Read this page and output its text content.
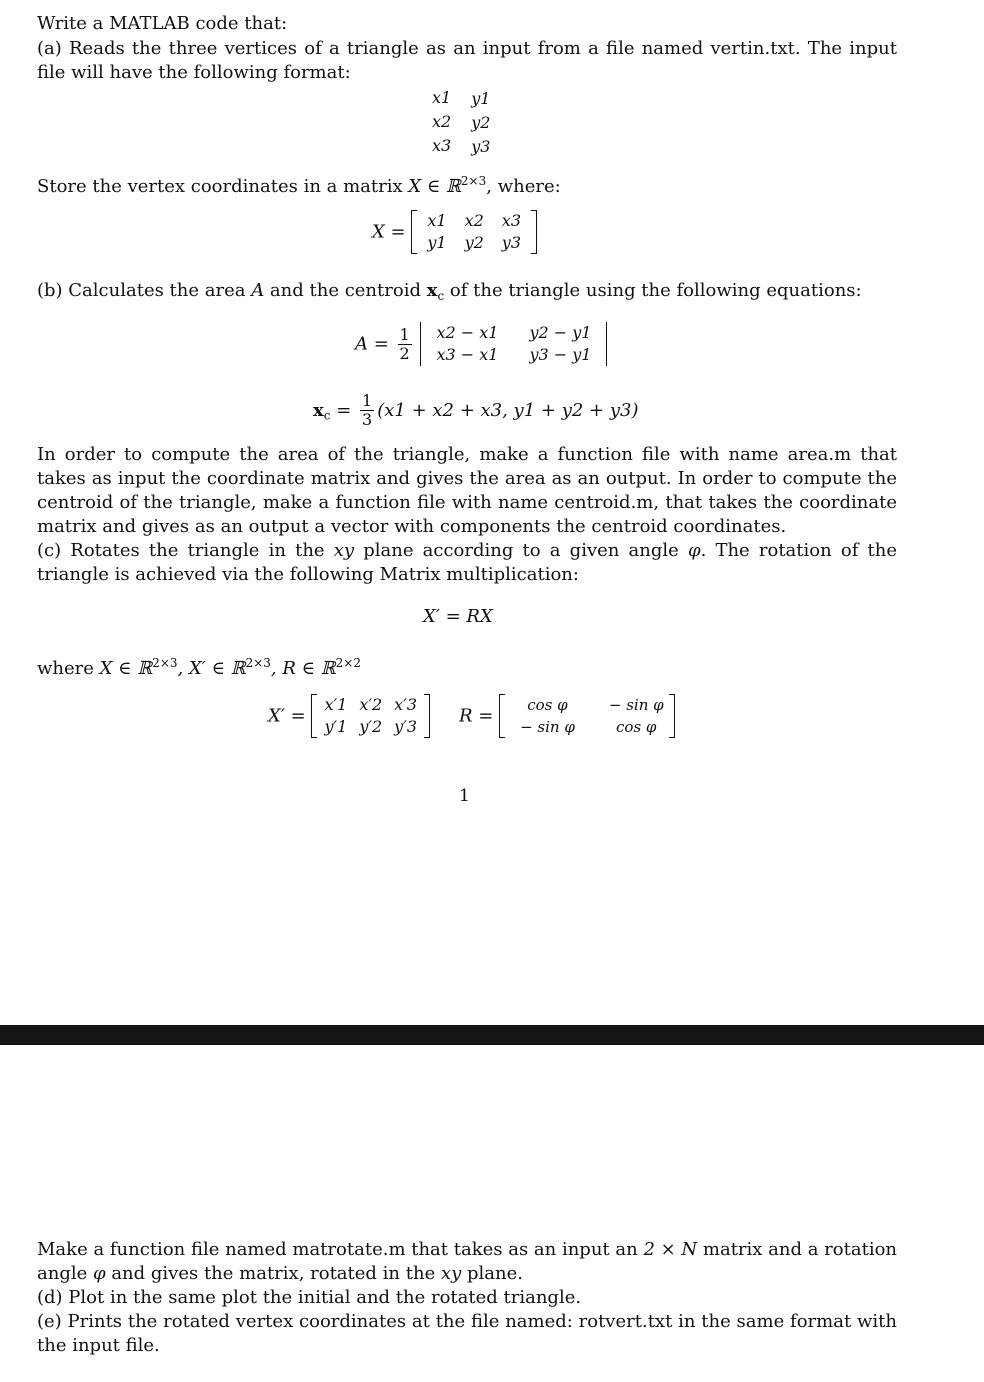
Write a MATLAB code that:
(a) Reads the three vertices of a triangle as an input from a file named vertin.txt. The input file will have the following format:
x1	y1
x2	y2
x3	y3
Store the vertex coordinates in a matrix X ∈ ℝ$^{2\times 3}$, where:
X =
x1	x2	x3
y1	y2	y3
(b) Calculates the area A and the centroid $x_c$ of the triangle using the following equations:
$A = \frac{1}{2}$
x2 − x1	y2 − y1
x3 − x1	y3 − y1
$x_c = \frac{1}{3} (x1 + x2 + x3$, y1 + y2 + y3)
In order to compute the area of the triangle, make a function file with name area.m that takes as input the coordinate matrix and gives the area as an output. In order to compute the centroid of the triangle, make a function file with name centroid.m, that takes the coordinate matrix and gives as an output a vector with components the centroid coordinates.
(c) Rotates the triangle in the xy plane according to a given angle φ. The rotation of the triangle is achieved via the following Matrix multiplication:
X′ = RX
where X ∈ ℝ$^{2\times 3}$, X′ ∈ ℝ$^{2\times 3}$, R ∈ ℝ$^{2\times 2}$
X′ =
x′1	x′2	x′3
y′1	y′2	y′3 R =
cos φ	− sin φ
− sin φ	cos φ
1
Make a function file named matrotate.m that takes as an input an 2 × N matrix and a rotation angle φ and gives the matrix, rotated in the xy plane.
(d) Plot in the same plot the initial and the rotated triangle.
(e) Prints the rotated vertex coordinates at the file named: rotvert.txt in the same format with the input file.
